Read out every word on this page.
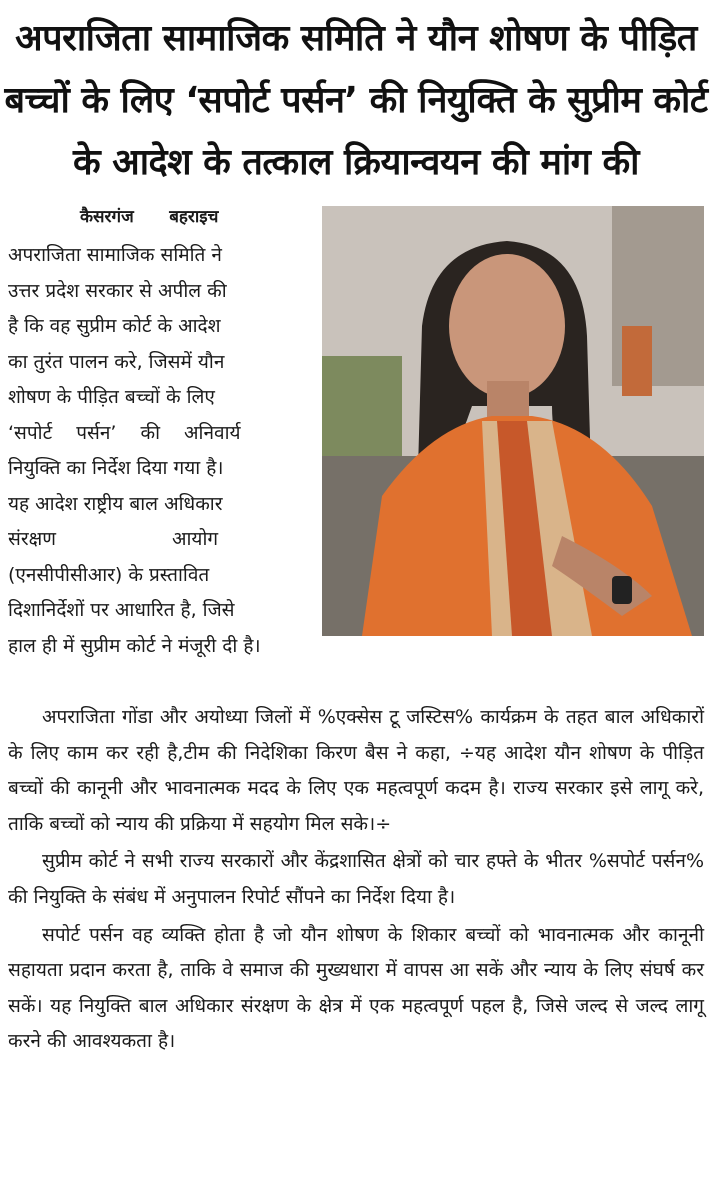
अपराजिता सामाजिक समिति ने यौन शोषण के पीड़ित
बच्चों के लिए ‘सपोर्ट पर्सन’ की नियुक्ति के सुप्रीम कोर्ट
के आदेश के तत्काल क्रियान्वयन की मांग की
कैसरगंज बहराइच

अपराजिता सामाजिक समिति ने

उत्तर प्रदेश सरकार से अपील की

है कि वह सुप्रीम कोर्ट के आदेश

का तुरंत पालन करे, जिसमें यौन

शोषण के पीड़ित बच्चों के लिए

‘सपोर्ट पर्सन’ की अनिवार्य

नियुक्ति का निर्देश दिया गया है।

यह आदेश राष्ट्रीय बाल अधिकार

संरक्षण आयोग

(एनसीपीसीआर) के प्रस्तावित

दिशानिर्देशों पर आधारित है, जिसे

हाल ही में सुप्रीम कोर्ट ने मंजूरी दी है।

अपराजिता गोंडा और अयोध्या जिलों में %एक्सेस टू जस्टिस% कार्यक्रम के तहत बाल अधिकारों के लिए काम कर रही है,टीम की निदेशिका किरण बैस ने कहा, ÷यह आदेश यौन शोषण के पीड़ित बच्चों की कानूनी और भावनात्मक मदद के लिए एक महत्वपूर्ण कदम है। राज्य सरकार इसे लागू करे, ताकि बच्चों को न्याय की प्रक्रिया में सहयोग मिल सके।÷

सुप्रीम कोर्ट ने सभी राज्य सरकारों और केंद्रशासित क्षेत्रों को चार हफ्ते के भीतर %सपोर्ट पर्सन% की नियुक्ति के संबंध में अनुपालन रिपोर्ट सौंपने का निर्देश दिया है।

सपोर्ट पर्सन वह व्यक्ति होता है जो यौन शोषण के शिकार बच्चों को भावनात्मक और कानूनी सहायता प्रदान करता है, ताकि वे समाज की मुख्यधारा में वापस आ सकें और न्याय के लिए संघर्ष कर सकें। यह नियुक्ति बाल अधिकार संरक्षण के क्षेत्र में एक महत्वपूर्ण पहल है, जिसे जल्द से जल्द लागू करने की आवश्यकता है।
